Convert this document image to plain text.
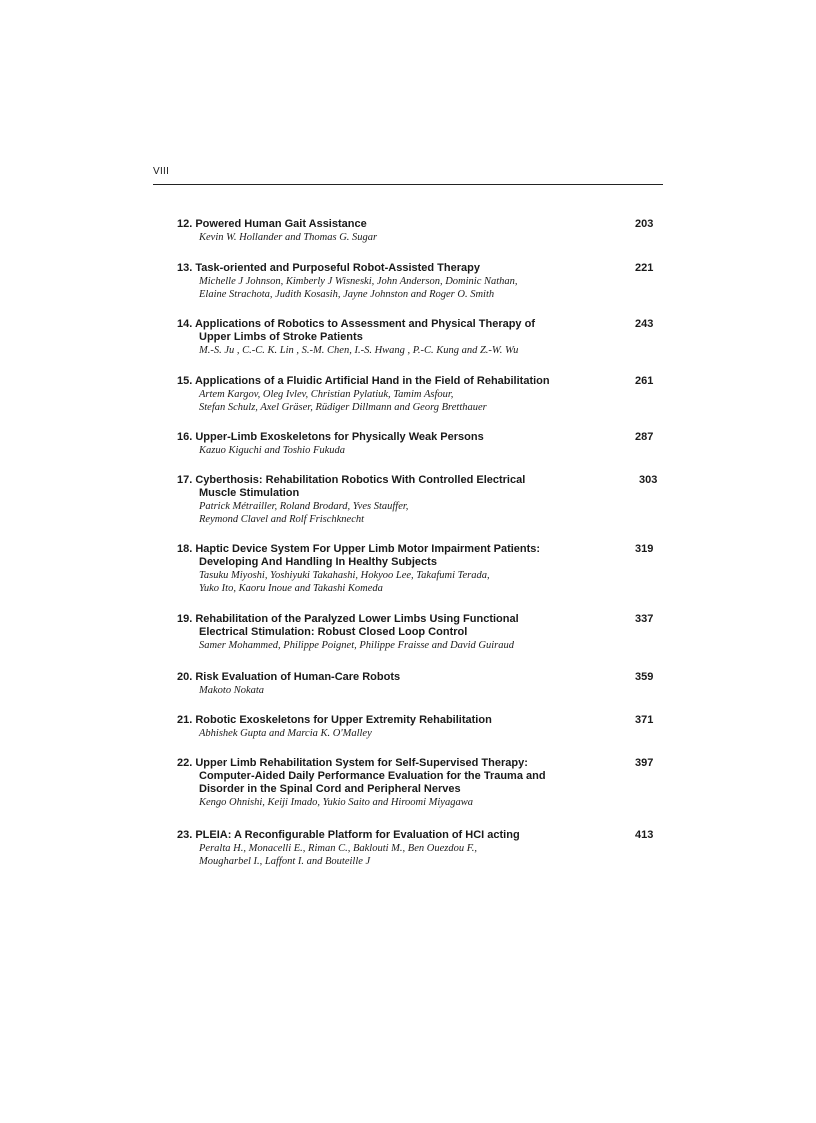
VIII
12. Powered Human Gait Assistance
Kevin W. Hollander and Thomas G. Sugar
203
13. Task-oriented and Purposeful Robot-Assisted Therapy
Michelle J Johnson, Kimberly J Wisneski, John Anderson, Dominic Nathan,
Elaine Strachota, Judith Kosasih, Jayne Johnston and Roger O. Smith
221
14. Applications of Robotics to Assessment and Physical Therapy of
Upper Limbs of Stroke Patients
M.-S. Ju , C.-C. K. Lin , S.-M. Chen, I.-S. Hwang , P.-C. Kung and Z.-W. Wu
243
15. Applications of a Fluidic Artificial Hand in the Field of Rehabilitation
Artem Kargov, Oleg Ivlev, Christian Pylatiuk, Tamim Asfour,
Stefan Schulz, Axel Gräser, Rüdiger Dillmann and Georg Bretthauer
261
16. Upper-Limb Exoskeletons for Physically Weak Persons
Kazuo Kiguchi and Toshio Fukuda
287
17. Cyberthosis: Rehabilitation Robotics With Controlled Electrical
Muscle Stimulation
Patrick Métrailler, Roland Brodard, Yves Stauffer,
Reymond Clavel and Rolf Frischknecht
303
18. Haptic Device System For Upper Limb Motor Impairment Patients:
Developing And Handling In Healthy Subjects
Tasuku Miyoshi, Yoshiyuki Takahashi, Hokyoo Lee, Takafumi Terada,
Yuko Ito, Kaoru Inoue and Takashi Komeda
319
19. Rehabilitation of the Paralyzed Lower Limbs Using Functional
Electrical Stimulation: Robust Closed Loop Control
Samer Mohammed, Philippe Poignet, Philippe Fraisse and David Guiraud
337
20. Risk Evaluation of Human-Care Robots
Makoto Nokata
359
21. Robotic Exoskeletons for Upper Extremity Rehabilitation
Abhishek Gupta and Marcia K. O'Malley
371
22. Upper Limb Rehabilitation System for Self-Supervised Therapy:
Computer-Aided Daily Performance Evaluation for the Trauma and
Disorder in the Spinal Cord and Peripheral Nerves
Kengo Ohnishi, Keiji Imado, Yukio Saito and Hiroomi Miyagawa
397
23. PLEIA: A Reconfigurable Platform for Evaluation of HCI acting
Peralta H., Monacelli E., Riman C., Baklouti M., Ben Ouezdou F.,
Mougharbel I., Laffont I. and Bouteille J
413
